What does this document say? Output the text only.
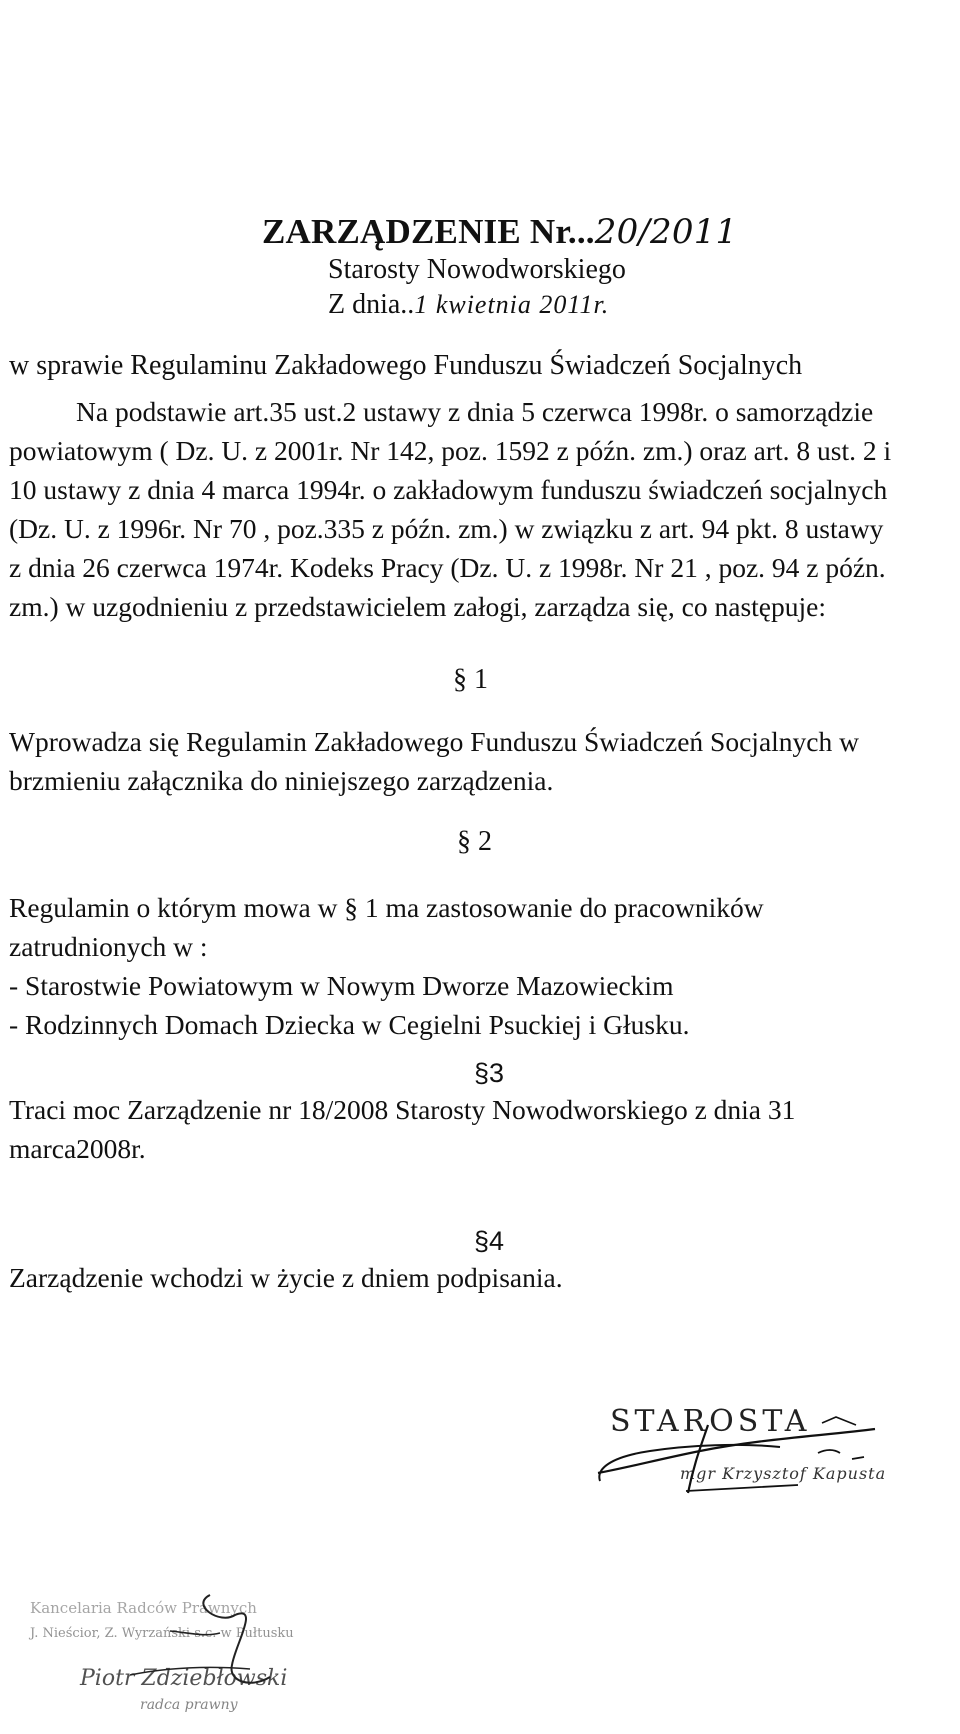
ZARZĄDZENIE Nr...20/2011
Starosty Nowodworskiego
Z dnia..1 kwietnia 2011r.
w sprawie Regulaminu Zakładowego Funduszu Świadczeń Socjalnych
Na podstawie art.35 ust.2 ustawy z dnia 5 czerwca 1998r. o samorządzie
powiatowym ( Dz. U. z 2001r. Nr 142, poz. 1592 z późn. zm.) oraz art. 8 ust. 2 i
10 ustawy z dnia 4 marca 1994r. o zakładowym funduszu świadczeń socjalnych
(Dz. U. z 1996r. Nr 70 , poz.335 z późn. zm.) w związku z art. 94 pkt. 8 ustawy
z dnia 26 czerwca 1974r. Kodeks Pracy (Dz. U. z 1998r. Nr 21 , poz. 94 z późn.
zm.) w uzgodnieniu z przedstawicielem załogi, zarządza się, co następuje:
§ 1
Wprowadza się Regulamin Zakładowego Funduszu Świadczeń Socjalnych w
brzmieniu załącznika do niniejszego zarządzenia.
§ 2
Regulamin o którym mowa w § 1 ma zastosowanie do pracowników
zatrudnionych w :
- Starostwie Powiatowym w Nowym Dworze Mazowieckim
- Rodzinnych Domach Dziecka w Cegielni Psuckiej i Głusku.
§3
Traci moc Zarządzenie nr 18/2008 Starosty Nowodworskiego z dnia 31
marca2008r.
§4
Zarządzenie wchodzi w życie z dniem podpisania.
STAROSTA
mgr Krzysztof Kapusta
Kancelaria Radców Prawnych
J. Nieścior, Z. Wyrzański s.c. w Pułtusku
Piotr Zdziebłowski
radca prawny
